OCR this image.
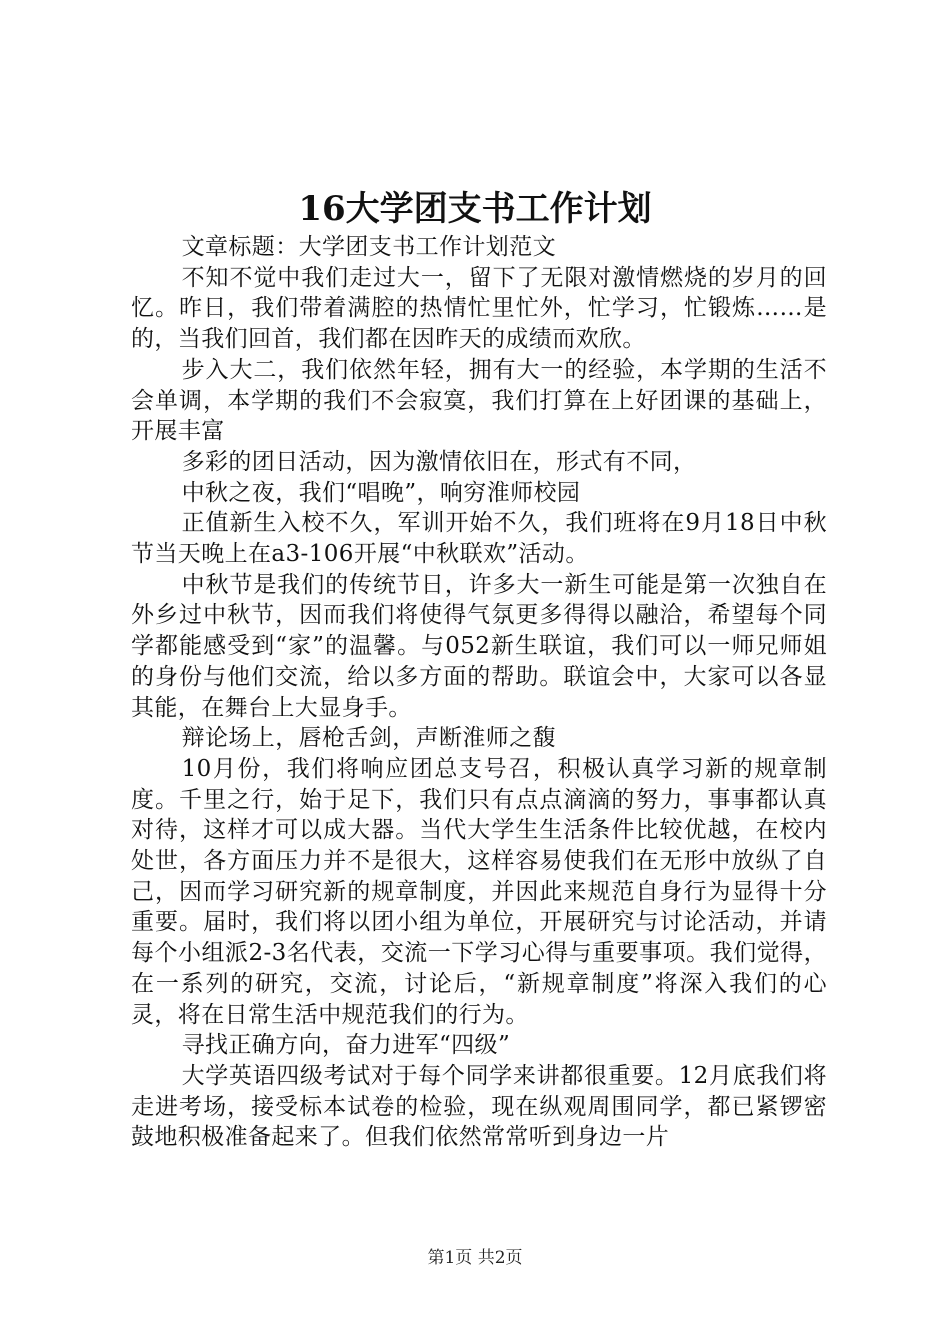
16大学团支书工作计划

文章标题：大学团支书工作计划范文

不知不觉中我们走过大一，留下了无限对激情燃烧的岁月的回忆。昨日，我们带着满腔的热情忙里忙外，忙学习，忙锻炼……是的，当我们回首，我们都在因昨天的成绩而欢欣。

步入大二，我们依然年轻，拥有大一的经验，本学期的生活不会单调，本学期的我们不会寂寞，我们打算在上好团课的基础上，开展丰富

多彩的团日活动，因为激情依旧在，形式有不同，

中秋之夜，我们“唱晚”，响穷淮师校园

正值新生入校不久，军训开始不久，我们班将在9月18日中秋节当天晚上在a3-106开展“中秋联欢”活动。

中秋节是我们的传统节日，许多大一新生可能是第一次独自在外乡过中秋节，因而我们将使得气氛更多得得以融洽，希望每个同学都能感受到“家”的温馨。与052新生联谊，我们可以一师兄师姐的身份与他们交流，给以多方面的帮助。联谊会中，大家可以各显其能，在舞台上大显身手。

辩论场上，唇枪舌剑，声断淮师之馥

10月份，我们将响应团总支号召，积极认真学习新的规章制度。千里之行，始于足下，我们只有点点滴滴的努力，事事都认真对待，这样才可以成大器。当代大学生生活条件比较优越，在校内处世，各方面压力并不是很大，这样容易使我们在无形中放纵了自己，因而学习研究新的规章制度，并因此来规范自身行为显得十分重要。届时，我们将以团小组为单位，开展研究与讨论活动，并请每个小组派2-3名代表，交流一下学习心得与重要事项。我们觉得，在一系列的研究，交流，讨论后，“新规章制度”将深入我们的心灵，将在日常生活中规范我们的行为。

寻找正确方向，奋力进军“四级”

大学英语四级考试对于每个同学来讲都很重要。12月底我们将走进考场，接受标本试卷的检验，现在纵观周围同学，都已紧锣密鼓地积极准备起来了。但我们依然常常听到身边一片

第1页 共2页
